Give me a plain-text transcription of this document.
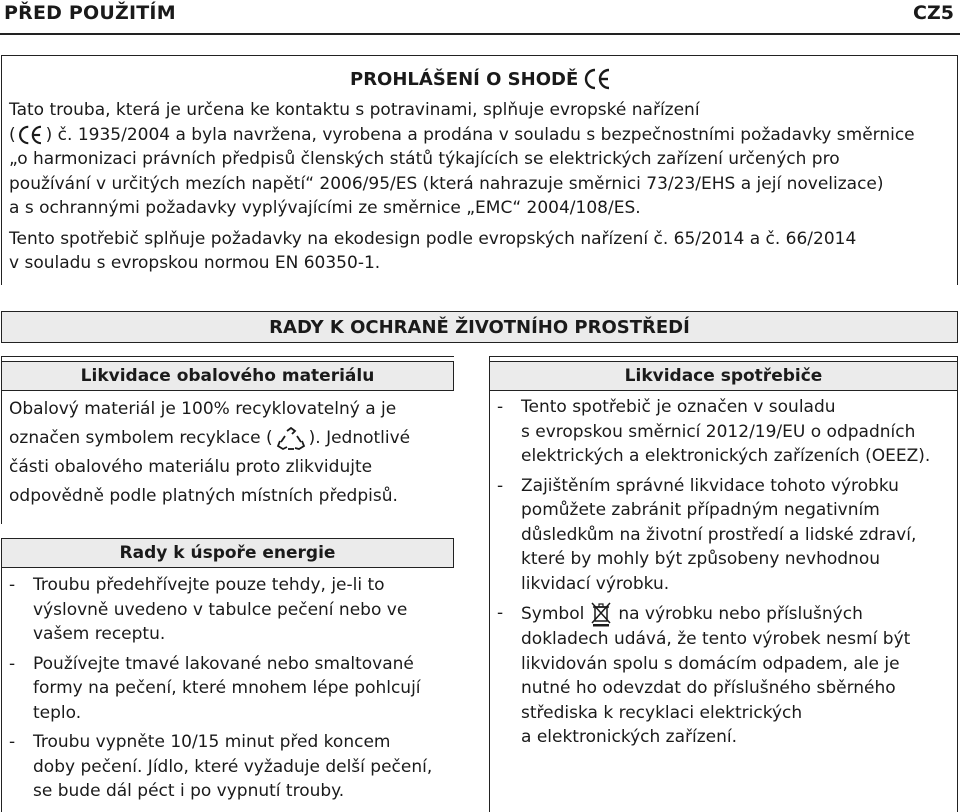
PŘED POUŽITÍM	CZ5
PROHLÁŠENÍ O SHODĚ

Tato trouba, která je určena ke kontaktu s potravinami, splňuje evropské nařízení

( ) č. 1935/2004 a byla navržena, vyrobena a prodána v souladu s bezpečnostními požadavky směrnice

„o harmonizaci právních předpisů členských států týkajících se elektrických zařízení určených pro

používání v určitých mezích napětí“ 2006/95/ES (která nahrazuje směrnici 73/23/EHS a její novelizace)

a s ochrannými požadavky vyplývajícími ze směrnice „EMC“ 2004/108/ES.

Tento spotřebič splňuje požadavky na ekodesign podle evropských nařízení č. 65/2014 a č. 66/2014

v souladu s evropskou normou EN 60350-1.

RADY K OCHRANĚ ŽIVOTNÍHO PROSTŘEDÍ
Likvidace obalového materiálu

Obalový materiál je 100% recyklovatelný a je

označen symbolem recyklace ( ). Jednotlivé

části obalového materiálu proto zlikvidujte

odpovědně podle platných místních předpisů.

Rady k úspoře energie
- Troubu předehřívejte pouze tehdy, je-li to
výslovně uvedeno v tabulce pečení nebo ve
vašem receptu.
- Používejte tmavé lakované nebo smaltované
formy na pečení, které mnohem lépe pohlcují
teplo.
- Troubu vypněte 10/15 minut před koncem
doby pečení. Jídlo, které vyžaduje delší pečení,
se bude dál péct i po vypnutí trouby.
Likvidace spotřebiče
- Tento spotřebič je označen v souladu
s evropskou směrnicí 2012/19/EU o odpadních
elektrických a elektronických zařízeních (OEEZ).
- Zajištěním správné likvidace tohoto výrobku
pomůžete zabránit případným negativním
důsledkům na životní prostředí a lidské zdraví,
které by mohly být způsobeny nevhodnou
likvidací výrobku.
- Symbol na výrobku nebo příslušných
dokladech udává, že tento výrobek nesmí být
likvidován spolu s domácím odpadem, ale je
nutné ho odevzdat do příslušného sběrného
střediska k recyklaci elektrických
a elektronických zařízení.
